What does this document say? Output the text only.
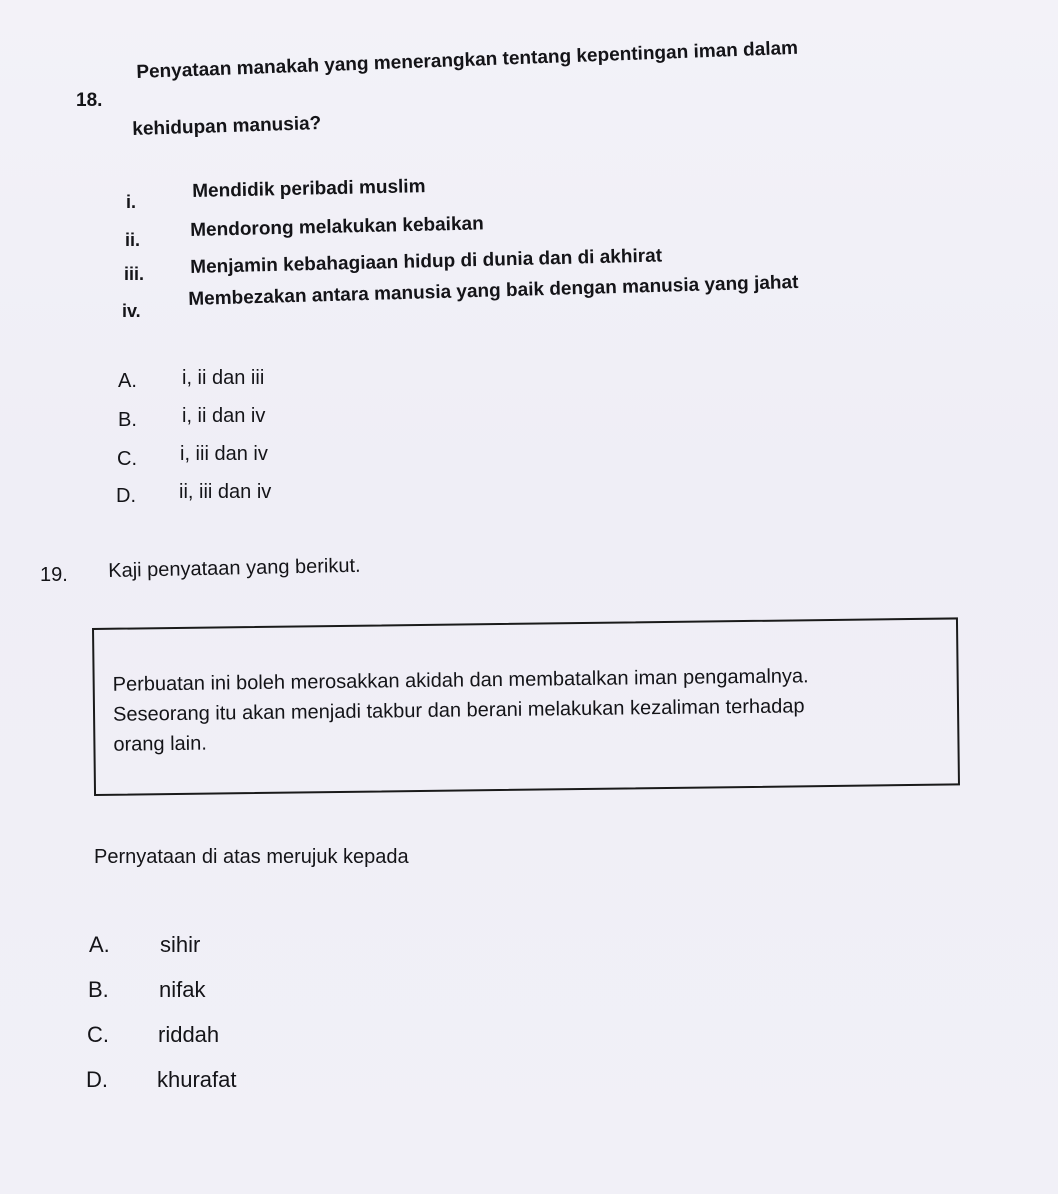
18.
Penyataan manakah yang menerangkan tentang kepentingan iman dalam
kehidupan manusia?
i.
Mendidik peribadi muslim
ii.	Mendorong melakukan kebaikan
iii. Menjamin kebahagiaan hidup di dunia dan di akhirat
iv.
Membezakan antara manusia yang baik dengan manusia yang jahat
A. i, ii dan iii
B. i, ii dan iv
C. i, iii dan iv
D. ii, iii dan iv
19. Kaji penyataan yang berikut.
Perbuatan ini boleh merosakkan akidah dan membatalkan iman pengamalnya.
Seseorang itu akan menjadi takbur dan berani melakukan kezaliman terhadap
orang lain.
Pernyataan di atas merujuk kepada
A. sihir
B. nifak
C. riddah
D. khurafat
